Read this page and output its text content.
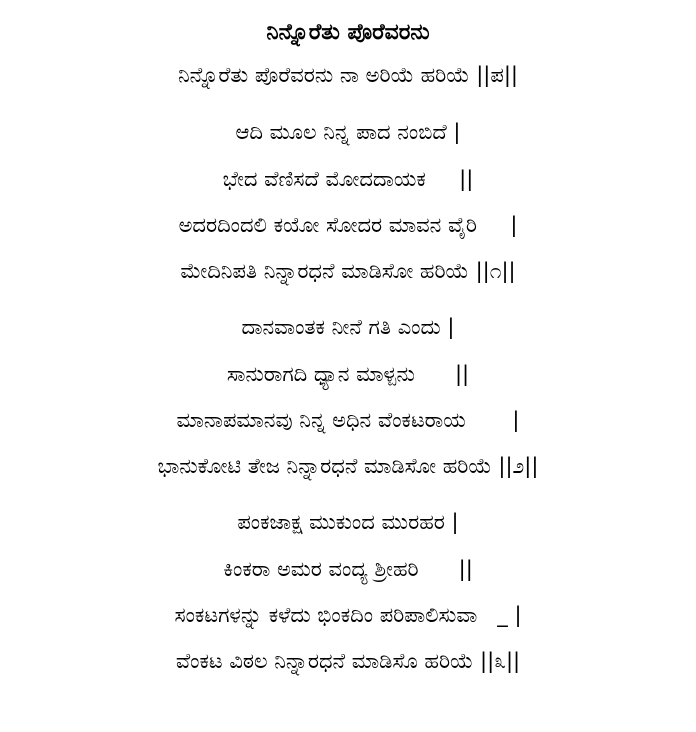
ನಿನ್ನೊರೆತು ಪೊರೆವರನು
ನಿನ್ನೊರೆತು ಪೊರೆವರನು ನಾ ಅರಿಯೆ ಹರಿಯೆ ||ಪ||
ಆದಿ ಮೂಲ ನಿನ್ನ ಪಾದ ನಂಬಿದೆ |
ಭೇದ ವೆಣಿಸದೆ ಮೋದದಾಯಕ     ||
ಅದರದಿಂದಲಿ ಕಯೋ ಸೋದರ ಮಾವನ ವೈರಿ     |
ಮೇದಿನಿಪತಿ ನಿನ್ನಾರಧನೆ ಮಾಡಿಸೋ ಹರಿಯೆ ||೧||
ದಾನವಾಂತಕ ನೀನೆ ಗತಿ ಎಂದು |
ಸಾನುರಾಗದಿ ಧ್ಯಾನ ಮಾಳ್ಪನು      ||
ಮಾನಾಪಮಾನವು ನಿನ್ನ ಅಧಿನ ವೆಂಕಟರಾಯ       |
ಭಾನುಕೋಟಿ ತೇಜ ನಿನ್ನಾರಧನೆ ಮಾಡಿಸೋ ಹರಿಯೆ ||೨||
ಪಂಕಜಾಕ್ಷ ಮುಕುಂದ ಮುರಹರ |
ಕಿಂಕರಾ ಅಮರ ವಂದ್ಯ ಶ್ರೀಹರಿ      ||
ಸಂಕಟಗಳನ್ನು ಕಳೆದು ಭಿಂಕದಿಂ ಪರಿಪಾಲಿಸುವಾ   _ |
ವೆಂಕಟ ವಿಠಲ ನಿನ್ನಾರಧನೆ ಮಾಡಿಸೊ ಹರಿಯೆ ||೩||
